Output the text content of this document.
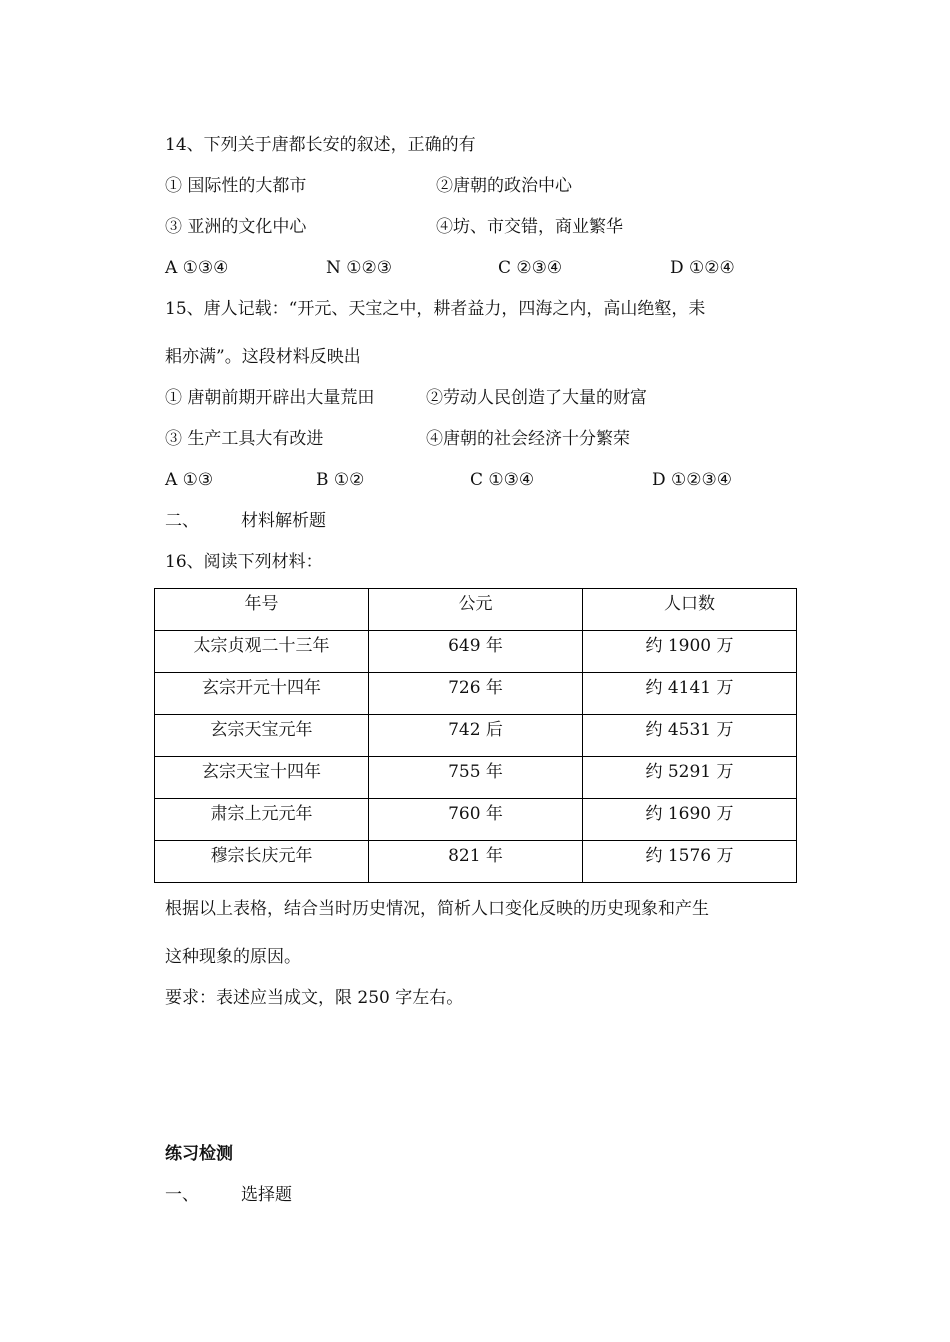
14、下列关于唐都长安的叙述，正确的有
① 国际性的大都市	②唐朝的政治中心
③ 亚洲的文化中心	④坊、市交错，商业繁华
A ①③④	N ①②③	C ②③④	D ①②④
15、唐人记载：“开元、天宝之中，耕者益力，四海之内，高山绝壑，耒
耜亦满”。这段材料反映出
① 唐朝前期开辟出大量荒田	②劳动人民创造了大量的财富
③ 生产工具大有改进	④唐朝的社会经济十分繁荣
A ①③	B ①②	C ①③④	D ①②③④
二、 材料解析题
16、阅读下列材料：
年号	公元	人口数
太宗贞观二十三年	649 年	约 1900 万
玄宗开元十四年	726 年	约 4141 万
玄宗天宝元年	742 后	约 4531 万
玄宗天宝十四年	755 年	约 5291 万
肃宗上元元年	760 年	约 1690 万
穆宗长庆元年	821 年	约 1576 万
根据以上表格，结合当时历史情况，简析人口变化反映的历史现象和产生
这种现象的原因。
要求：表述应当成文，限 250 字左右。
练习检测
一、 选择题
